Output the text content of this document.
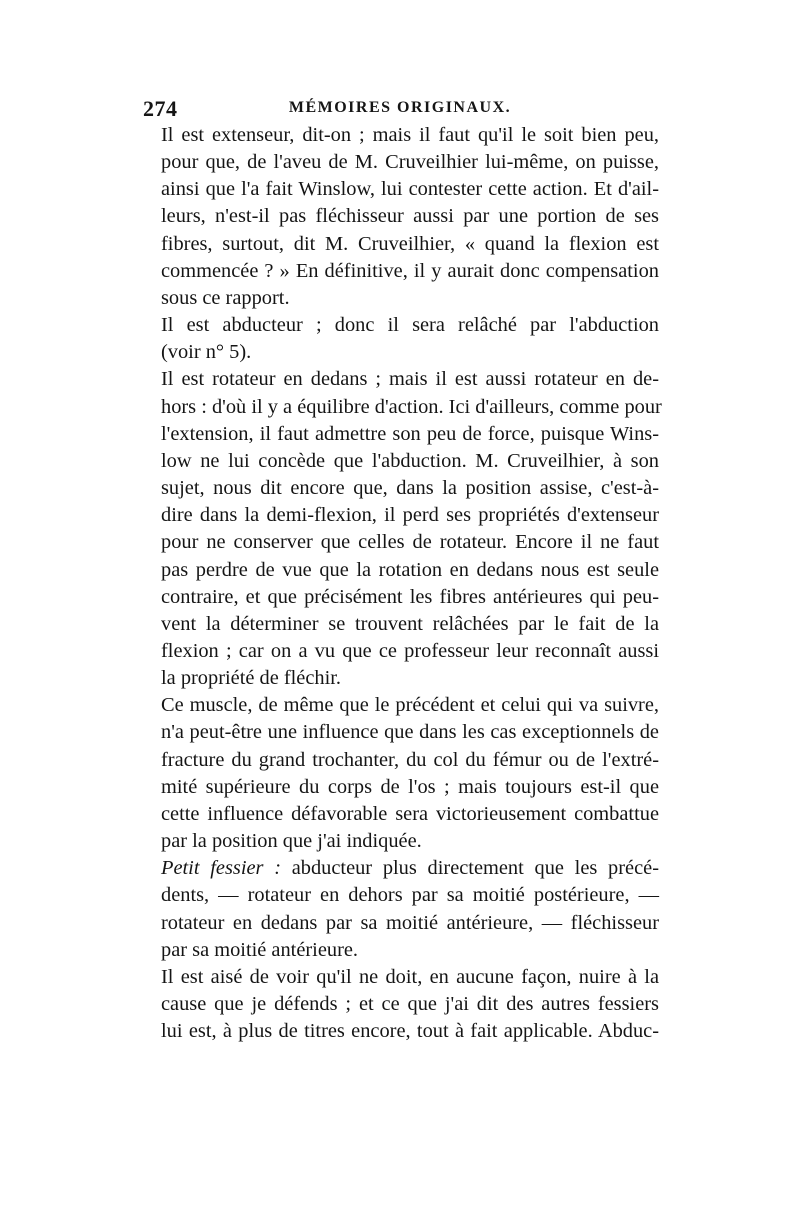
274	MÉMOIRES ORIGINAUX.

Il est extenseur, dit-on ; mais il faut qu'il le soit bien peu,
pour que, de l'aveu de M. Cruveilhier lui-même, on puisse,
ainsi que l'a fait Winslow, lui contester cette action. Et d'ail-
leurs, n'est-il pas fléchisseur aussi par une portion de ses
fibres, surtout, dit M. Cruveilhier, « quand la flexion est
commencée ? » En définitive, il y aurait donc compensation
sous ce rapport.

Il est abducteur ; donc il sera relâché par l'abduction
(voir n° 5).

Il est rotateur en dedans ; mais il est aussi rotateur en de-
hors : d'où il y a équilibre d'action. Ici d'ailleurs, comme pour
l'extension, il faut admettre son peu de force, puisque Wins-
low ne lui concède que l'abduction. M. Cruveilhier, à son
sujet, nous dit encore que, dans la position assise, c'est-à-
dire dans la demi-flexion, il perd ses propriétés d'extenseur
pour ne conserver que celles de rotateur. Encore il ne faut
pas perdre de vue que la rotation en dedans nous est seule
contraire, et que précisément les fibres antérieures qui peu-
vent la déterminer se trouvent relâchées par le fait de la
flexion ; car on a vu que ce professeur leur reconnaît aussi
la propriété de fléchir.

Ce muscle, de même que le précédent et celui qui va suivre,
n'a peut-être une influence que dans les cas exceptionnels de
fracture du grand trochanter, du col du fémur ou de l'extré-
mité supérieure du corps de l'os ; mais toujours est-il que
cette influence défavorable sera victorieusement combattue
par la position que j'ai indiquée.

Petit fessier : abducteur plus directement que les précé-
dents, — rotateur en dehors par sa moitié postérieure, —
rotateur en dedans par sa moitié antérieure, — fléchisseur
par sa moitié antérieure.

Il est aisé de voir qu'il ne doit, en aucune façon, nuire à la
cause que je défends ; et ce que j'ai dit des autres fessiers
lui est, à plus de titres encore, tout à fait applicable. Abduc-
